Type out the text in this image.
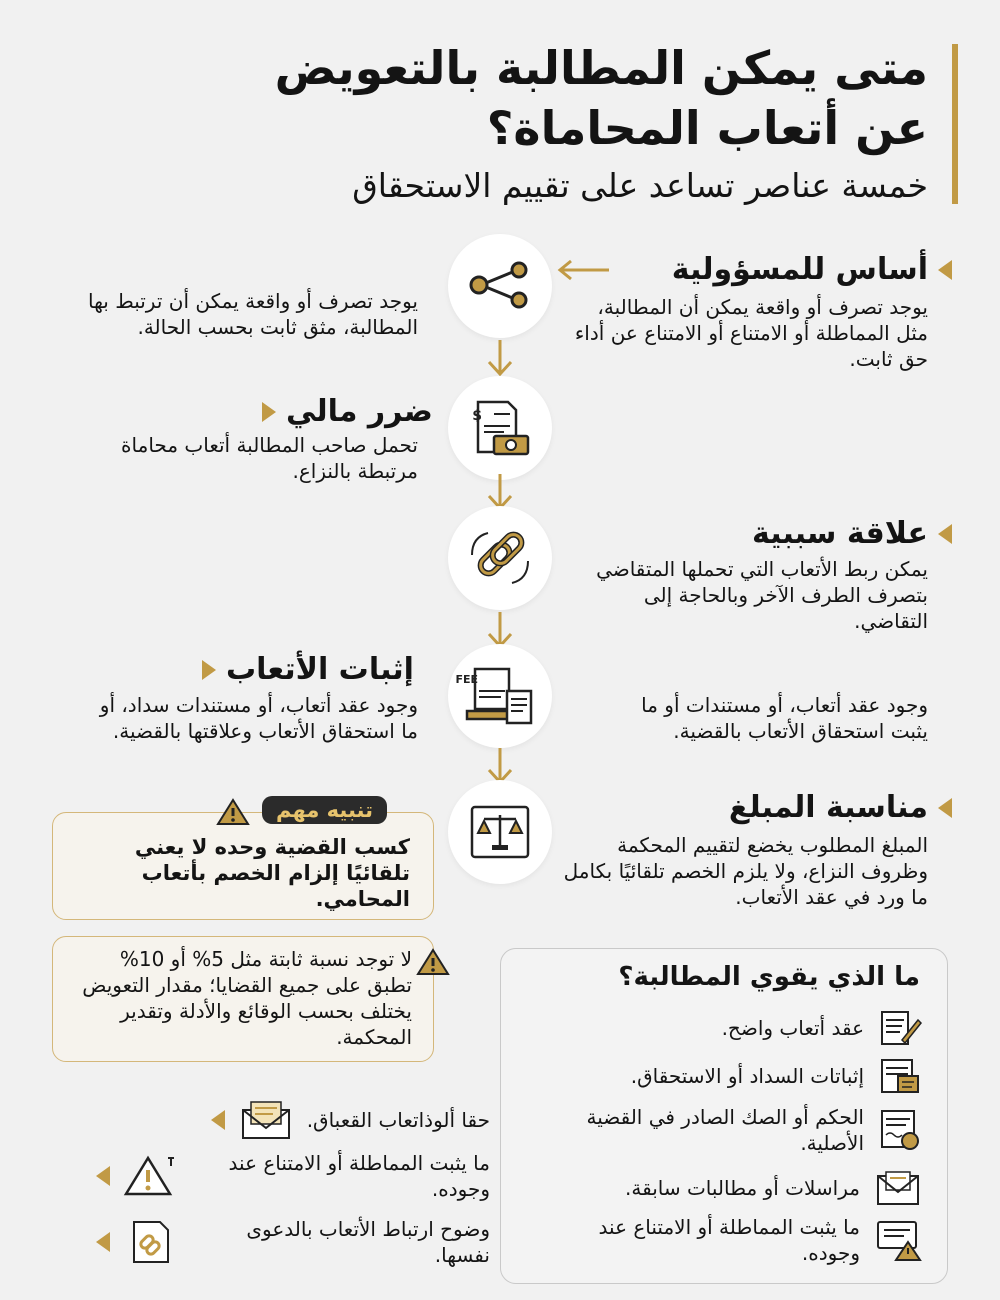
متى يمكن المطالبة بالتعويض
عن أتعاب المحاماة؟
خمسة عناصر تساعد على تقييم الاستحقاق
أساس للمسؤولية
يوجد تصرف أو واقعة يمكن أن المطالبة، مثل المماطلة أو الامتناع أو الامتناع عن أداء حق ثابت.
يوجد تصرف أو واقعة يمكن أن ترتبط بها المطالبة، مثق ثابت بحسب الحالة.
$
ضرر مالي
تحمل صاحب المطالبة أتعاب محاماة مرتبطة بالنزاع.
علاقة سببية
يمكن ربط الأتعاب التي تحملها المتقاضي بتصرف الطرف الآخر وبالحاجة إلى التقاضي.
إثبات الأتعاب
وجود عقد أتعاب، أو مستندات سداد، أو ما استحقاق الأتعاب وعلاقتها بالقضية.
وجود عقد أتعاب، أو مستندات أو ما يثبت استحقاق الأتعاب بالقضية.
FEE
مناسبة المبلغ
المبلغ المطلوب يخضع لتقييم المحكمة وظروف النزاع، ولا يلزم الخصم تلقائيًا بكامل ما ورد في عقد الأتعاب.
تنبيه مهم
كسب القضية وحده لا يعني تلقائيًا إلزام الخصم بأتعاب المحامي.
لا توجد نسبة ثابتة مثل 5% أو 10% تطبق على جميع القضايا؛ مقدار التعويض يختلف بحسب الوقائع والأدلة وتقدير المحكمة.
ما الذي يقوي المطالبة؟
عقد أتعاب واضح.
إثباتات السداد أو الاستحقاق.
الحكم أو الصك الصادر في القضية الأصلية.
مراسلات أو مطالبات سابقة.
ما يثبت المماطلة أو الامتناع عند وجوده.
حقا ألوذاتعاب القعباق.
ما يثبت المماطلة أو الامتناع عند وجوده.
وضوح ارتباط الأتعاب بالدعوى نفسها.
